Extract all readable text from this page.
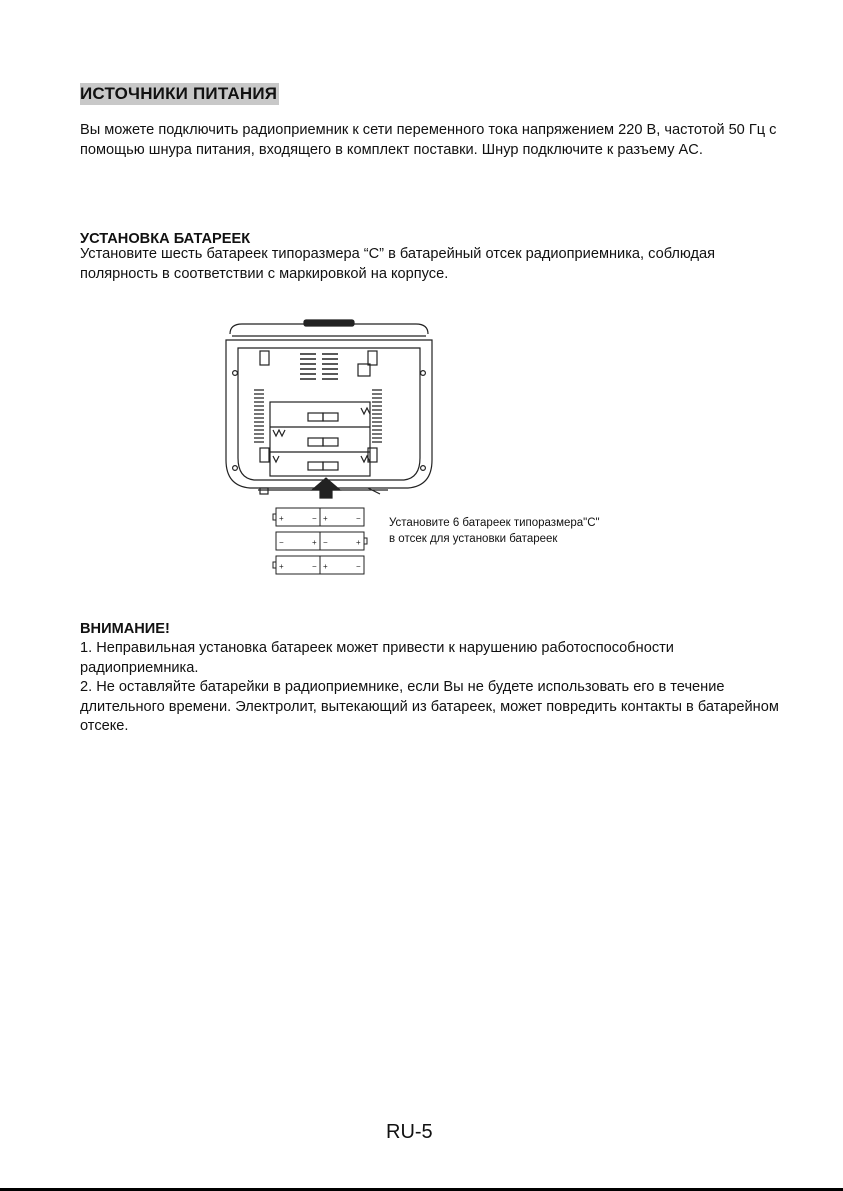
ИСТОЧНИКИ ПИТАНИЯ

Вы можете подключить радиоприемник к сети переменного тока напряжением 220 В, частотой 50 Гц с помощью шнура питания, входящего в комплект поставки. Шнур подключите к разъему AC.

УСТАНОВКА БАТАРЕЕК

Установите шесть батареек типоразмера “C” в батарейный отсек радиоприемника, соблюдая полярность в соответствии с маркировкой на корпусе.

+	− +	−
−	+ −	+
+	− +	−
Установите 6 батареек типоразмера"C"
в отсек для установки батареек
ВНИМАНИЕ!
1. Неправильная установка батареек может привести к нарушению работоспособности радиоприемника.
2. Не оставляйте батарейки в радиоприемнике, если Вы не будете использовать его в течение длительного времени. Электролит, вытекающий из батареек, может повредить контакты в батарейном отсеке.
RU-5
